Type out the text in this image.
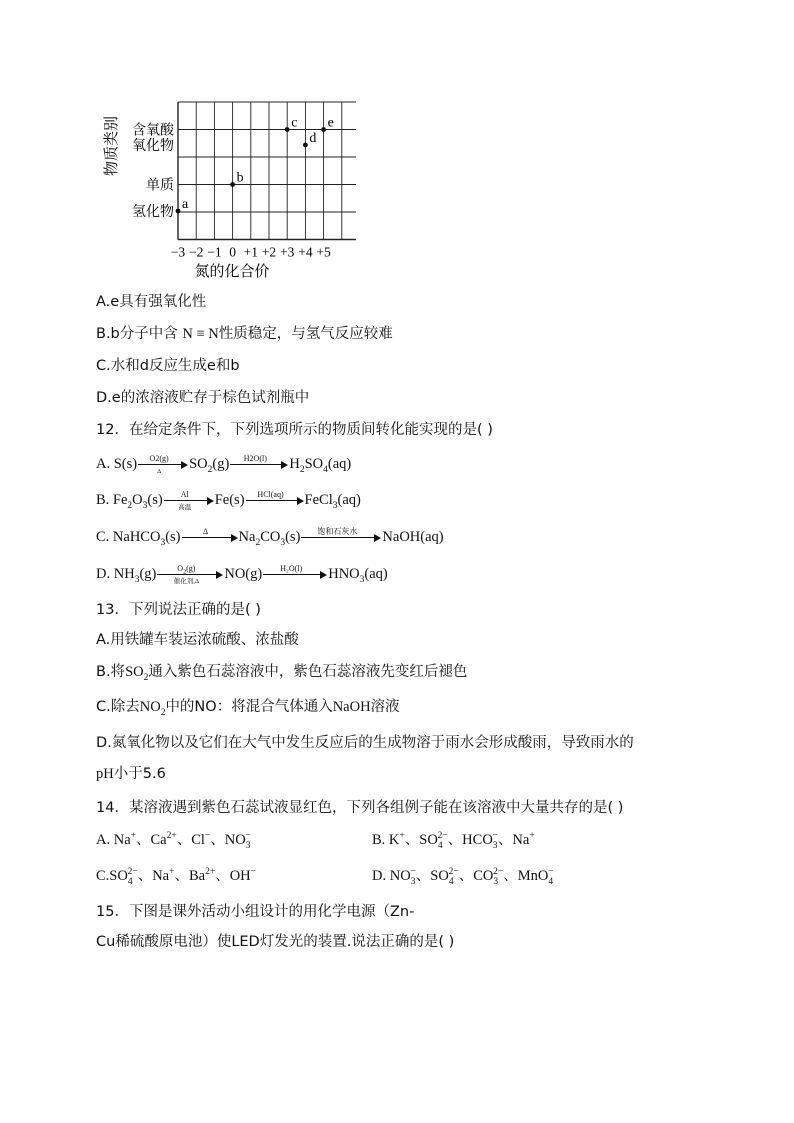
氢化物
单质
氧化物
含氧酸
−3 −2 −1 0 +1 +2 +3 +4 +5
a
b
c
d
e
物质类别
氮的化合价
A.e具有强氧化性
B.b分子中含 N ≡ N性质稳定，与氢气反应较难
C.水和d反应生成e和b
D.e的浓溶液贮存于棕色试剂瓶中
12．在给定条件下，下列选项所示的物质间转化能实现的是( )
A. S(s)	O2(g)
Δ	$SO_2(g)$	H2O(l)	$H_2SO_4(aq)$
B. $Fe_2O_3(s)$	Al
高温	Fe(s)	HCl(aq)	FeCl$_3$(aq)
C. NaHCO$_3$(s)	Δ	$Na_2CO_3(s)$	饱和石灰水	NaOH(aq)
D. $NH_3(g)$	$O_2(g)$
催化剂,Δ	NO(g)	H₂O(l)	$HNO_3(aq)$
13．下列说法正确的是( )
A.用铁罐车装运浓硫酸、浓盐酸
B.将$SO_2$通入紫色石蕊溶液中，紫色石蕊溶液先变红后褪色
C.除去$NO_2$中的NO：将混合气体通入NaOH溶液
D.氮氧化物以及它们在大气中发生反应后的生成物溶于雨水会形成酸雨，导致雨水的
pH小于5.6
14．某溶液遇到紫色石蕊试液显红色，下列各组例子能在该溶液中大量共存的是( )
A. Na+、$Ca^{2+}$、Cl−、$NO_3^-$	B. K+、$SO_4^{2-}$、$HCO_3^-$、Na+
$C.SO_4^{2-}$、Na+、$Ba^{2+}$、OH−	D. $NO_3^-$、$SO_4^{2-}$、$CO_3^{2-}$、MnO$_4$−
15．下图是课外活动小组设计的用化学电源（Zn-
Cu稀硫酸原电池）使LED灯发光的装置.说法正确的是( )
